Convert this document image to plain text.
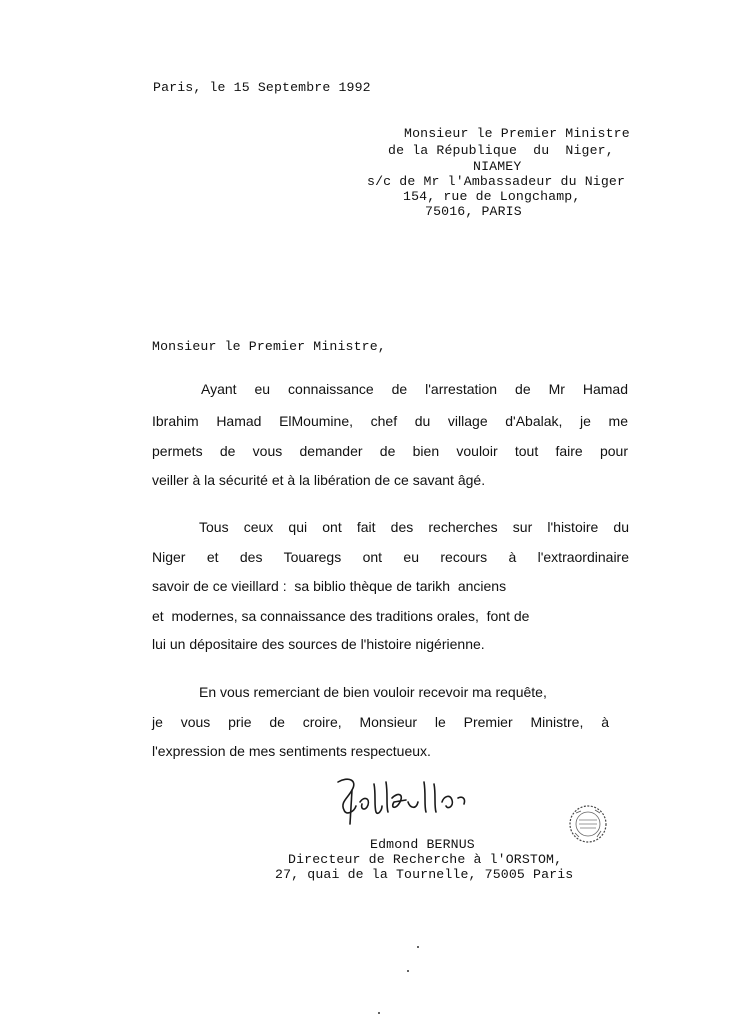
Paris, le 15 Septembre 1992
Monsieur le Premier Ministre
de la République  du  Niger,
NIAMEY
s/c de Mr l'Ambassadeur du Niger
154, rue de Longchamp,
75016, PARIS
Monsieur le Premier Ministre,
Ayant eu connaissance de l'arrestation de Mr Hamad
Ibrahim Hamad ElMoumine, chef du village d'Abalak, je me
permets de vous demander de bien vouloir tout faire pour
veiller à la sécurité et à la libération de ce savant âgé.
Tous ceux qui ont fait des recherches sur l'histoire du
Niger et des Touaregs ont eu recours à l'extraordinaire
savoir de ce vieillard :  sa biblio thèque de tarikh  anciens
et  modernes, sa connaissance des traditions orales,  font de
lui un dépositaire des sources de l'histoire nigérienne.
En vous remerciant de bien vouloir recevoir ma requête,
je vous prie de croire, Monsieur le Premier Ministre, à
l'expression de mes sentiments respectueux.
Edmond BERNUS
Directeur de Recherche à l'ORSTOM,
27, quai de la Tournelle, 75005 Paris
